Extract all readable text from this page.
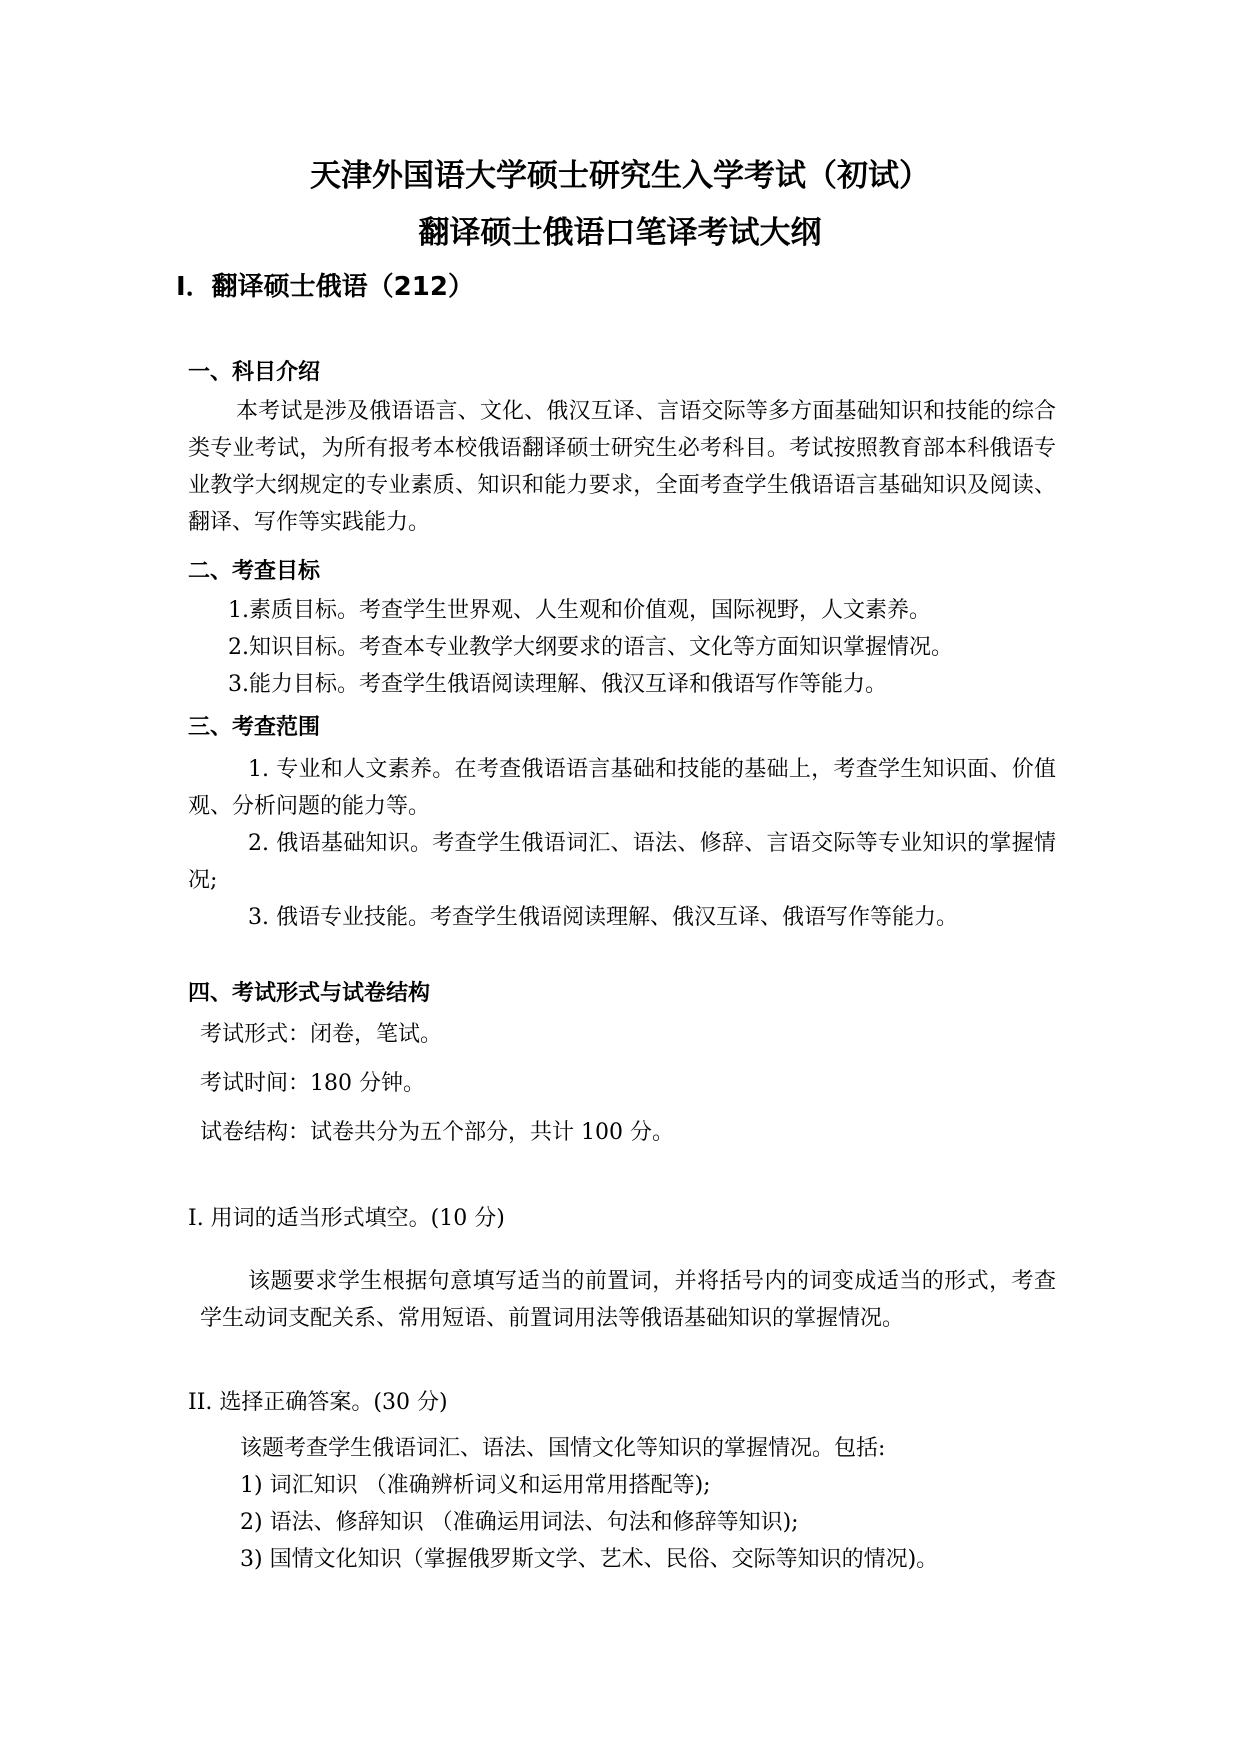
天津外国语大学硕士研究生入学考试（初试）
翻译硕士俄语口笔译考试大纲
Ⅰ．翻译硕士俄语（212）
一、科目介绍
本考试是涉及俄语语言、文化、俄汉互译、言语交际等多方面基础知识和技能的综合类专业考试，为所有报考本校俄语翻译硕士研究生必考科目。考试按照教育部本科俄语专业教学大纲规定的专业素质、知识和能力要求，全面考查学生俄语语言基础知识及阅读、翻译、写作等实践能力。
二、考查目标
1.素质目标。考查学生世界观、人生观和价值观，国际视野，人文素养。
2.知识目标。考查本专业教学大纲要求的语言、文化等方面知识掌握情况。
3.能力目标。考查学生俄语阅读理解、俄汉互译和俄语写作等能力。
三、考查范围
1. 专业和人文素养。在考查俄语语言基础和技能的基础上，考查学生知识面、价值观、分析问题的能力等。
2. 俄语基础知识。考查学生俄语词汇、语法、修辞、言语交际等专业知识的掌握情况;
3. 俄语专业技能。考查学生俄语阅读理解、俄汉互译、俄语写作等能力。
四、考试形式与试卷结构
考试形式：闭卷，笔试。
考试时间：180 分钟。
试卷结构：试卷共分为五个部分，共计 100 分。
I. 用词的适当形式填空。(10 分)
该题要求学生根据句意填写适当的前置词，并将括号内的词变成适当的形式，考查学生动词支配关系、常用短语、前置词用法等俄语基础知识的掌握情况。
II. 选择正确答案。(30 分)
该题考查学生俄语词汇、语法、国情文化等知识的掌握情况。包括:
1) 词汇知识 （准确辨析词义和运用常用搭配等);
2) 语法、修辞知识 （准确运用词法、句法和修辞等知识);
3) 国情文化知识（掌握俄罗斯文学、艺术、民俗、交际等知识的情况)。
